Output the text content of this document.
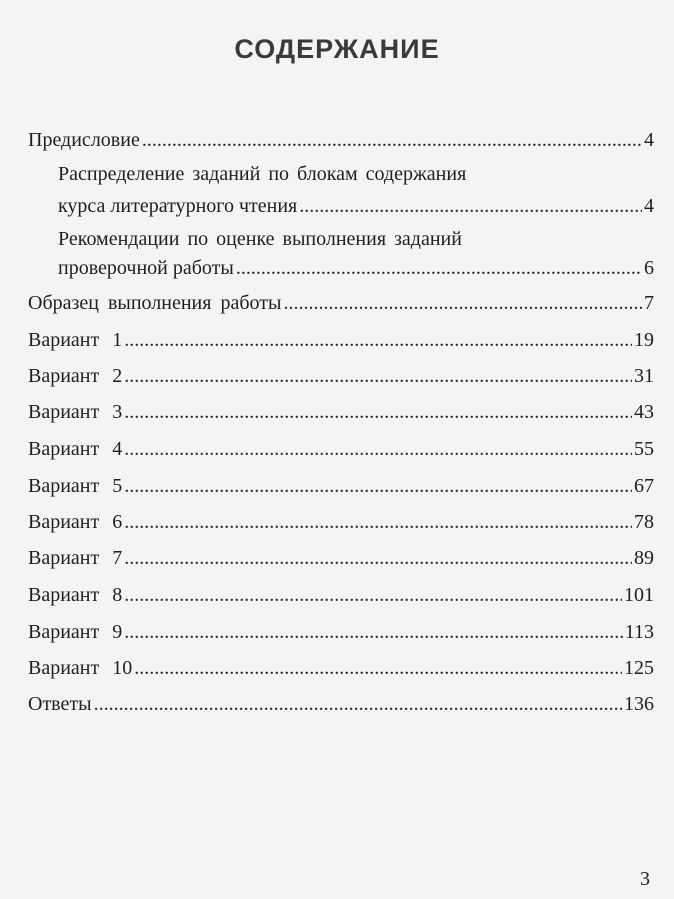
СОДЕРЖАНИЕ
Предисловие .....	4
Распределение заданий по блокам содержания
курса литературного чтения .....	4
Рекомендации по оценке выполнения заданий
проверочной работы .....	6
Образец выполнения работы .....	7
Вариант 1 .....	19
Вариант 2 .....	31
Вариант 3 .....	43
Вариант 4 .....	55
Вариант 5 .....	67
Вариант 6 .....	78
Вариант 7 .....	89
Вариант 8 .....	101
Вариант 9 .....	113
Вариант 10 .....	125
Ответы .....	136
3
